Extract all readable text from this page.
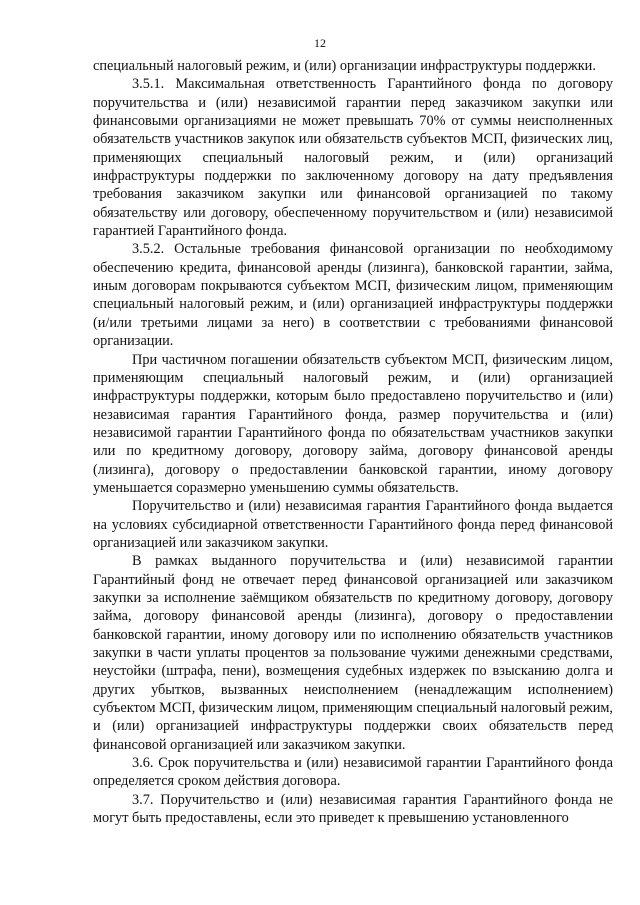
12

специальный налоговый режим, и (или) организации инфраструктуры поддержки.

3.5.1. Максимальная ответственность Гарантийного фонда по договору поручительства и (или) независимой гарантии перед заказчиком закупки или финансовыми организациями не может превышать 70% от суммы неисполненных обязательств участников закупок или обязательств субъектов МСП, физических лиц, применяющих специальный налоговый режим, и (или) организаций инфраструктуры поддержки по заключенному договору на дату предъявления требования заказчиком закупки или финансовой организацией по такому обязательству или договору, обеспеченному поручительством и (или) независимой гарантией Гарантийного фонда.

3.5.2. Остальные требования финансовой организации по необходимому обеспечению кредита, финансовой аренды (лизинга), банковской гарантии, займа, иным договорам покрываются субъектом МСП, физическим лицом, применяющим специальный налоговый режим, и (или) организацией инфраструктуры поддержки (и/или третьими лицами за него) в соответствии с требованиями финансовой организации.

При частичном погашении обязательств субъектом МСП, физическим лицом, применяющим специальный налоговый режим, и (или) организацией инфраструктуры поддержки, которым было предоставлено поручительство и (или) независимая гарантия Гарантийного фонда, размер поручительства и (или) независимой гарантии Гарантийного фонда по обязательствам участников закупки или по кредитному договору, договору займа, договору финансовой аренды (лизинга), договору о предоставлении банковской гарантии, иному договору уменьшается соразмерно уменьшению суммы обязательств.

Поручительство и (или) независимая гарантия Гарантийного фонда выдается на условиях субсидиарной ответственности Гарантийного фонда перед финансовой организацией или заказчиком закупки.

В рамках выданного поручительства и (или) независимой гарантии Гарантийный фонд не отвечает перед финансовой организацией или заказчиком закупки за исполнение заёмщиком обязательств по кредитному договору, договору займа, договору финансовой аренды (лизинга), договору о предоставлении банковской гарантии, иному договору или по исполнению обязательств участников закупки в части уплаты процентов за пользование чужими денежными средствами, неустойки (штрафа, пени), возмещения судебных издержек по взысканию долга и других убытков, вызванных неисполнением (ненадлежащим исполнением) субъектом МСП, физическим лицом, применяющим специальный налоговый режим, и (или) организацией инфраструктуры поддержки своих обязательств перед финансовой организацией или заказчиком закупки.

3.6. Срок поручительства и (или) независимой гарантии Гарантийного фонда определяется сроком действия договора.

3.7. Поручительство и (или) независимая гарантия Гарантийного фонда не могут быть предоставлены, если это приведет к превышению установленного
